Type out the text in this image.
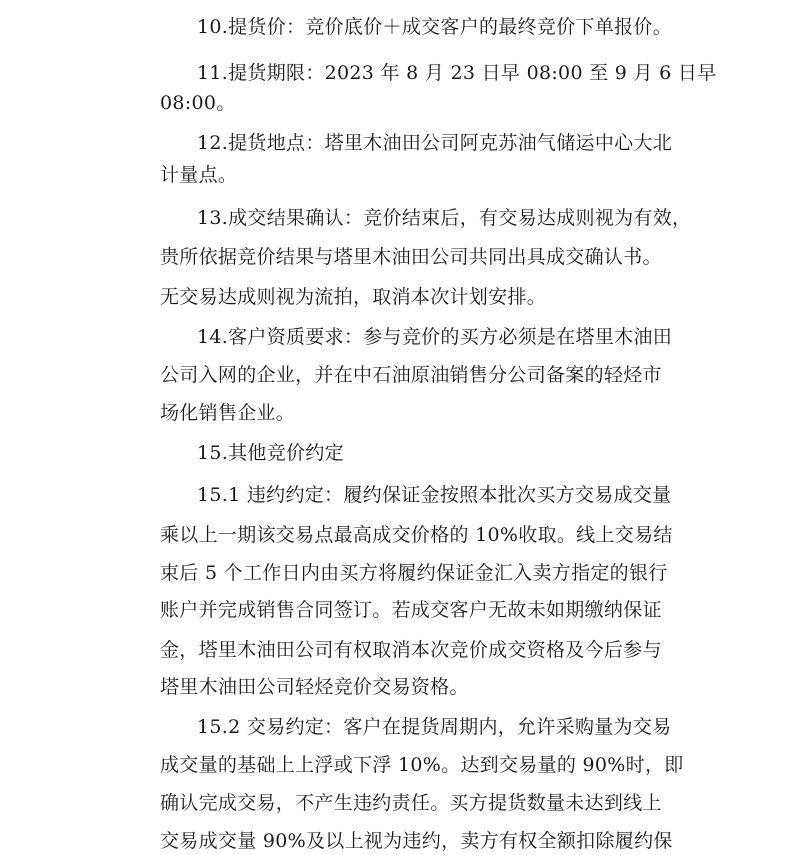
10.提货价：竞价底价＋成交客户的最终竞价下单报价。
11.提货期限：2023 年 8 月 23 日早 08:00 至 9 月 6 日早
08:00。
12.提货地点：塔里木油田公司阿克苏油气储运中心大北
计量点。
13.成交结果确认：竞价结束后，有交易达成则视为有效，
贵所依据竞价结果与塔里木油田公司共同出具成交确认书。
无交易达成则视为流拍，取消本次计划安排。
14.客户资质要求：参与竞价的买方必须是在塔里木油田
公司入网的企业，并在中石油原油销售分公司备案的轻烃市
场化销售企业。
15.其他竞价约定
15.1 违约约定：履约保证金按照本批次买方交易成交量
乘以上一期该交易点最高成交价格的 10%收取。线上交易结
束后 5 个工作日内由买方将履约保证金汇入卖方指定的银行
账户并完成销售合同签订。若成交客户无故未如期缴纳保证
金，塔里木油田公司有权取消本次竞价成交资格及今后参与
塔里木油田公司轻烃竞价交易资格。
15.2 交易约定：客户在提货周期内，允许采购量为交易
成交量的基础上上浮或下浮 10%。达到交易量的 90%时，即
确认完成交易，不产生违约责任。买方提货数量未达到线上
交易成交量 90%及以上视为违约，卖方有权全额扣除履约保
